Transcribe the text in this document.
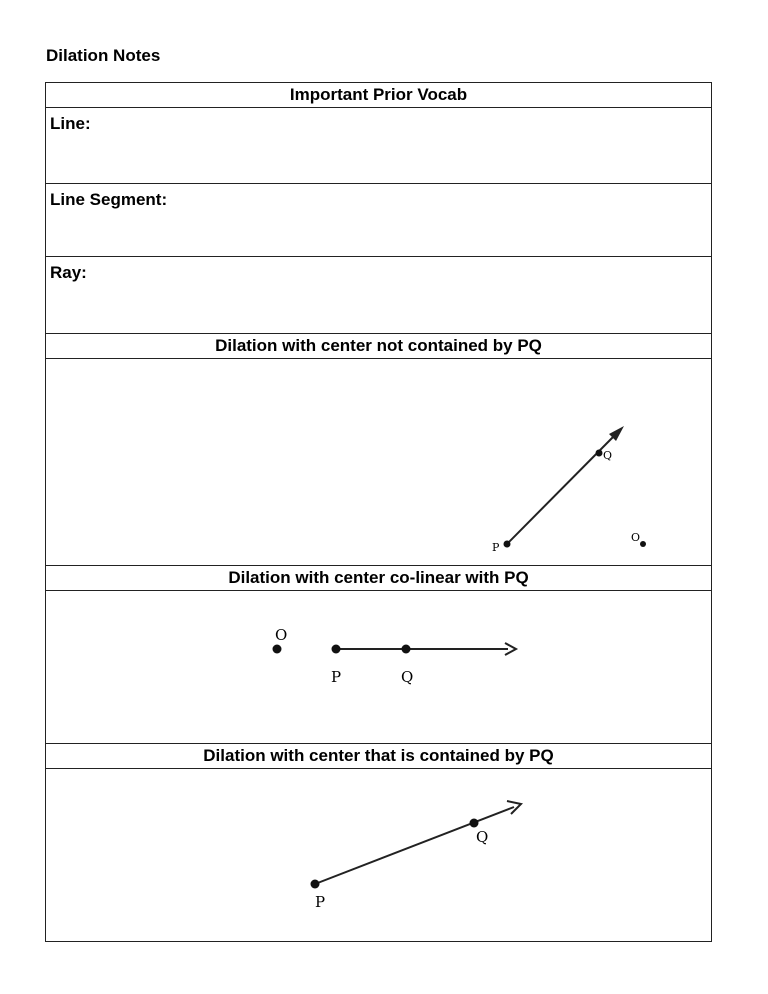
Dilation Notes
Important Prior Vocab
Line:
Line Segment:
Ray:
Dilation with center not contained by PQ

P
Q
O

Dilation with center co-linear with PQ

P	Q
O

Dilation with center that is contained by PQ

P
Q
